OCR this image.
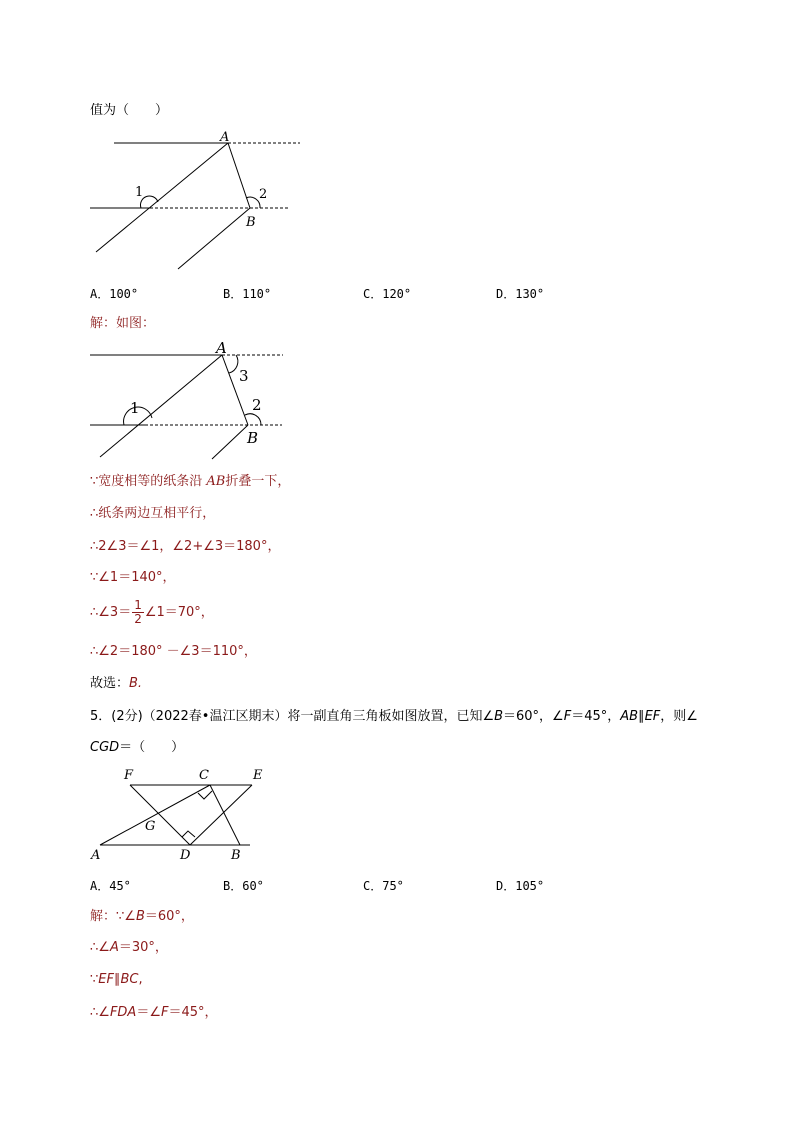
值为（　　）
A
B
1	2
A．100°	B．110°	C．120°	D．130°
解：如图：
A
B
1	2
3
∵宽度相等的纸条沿 AB折叠一下，
∴纸条两边互相平行，
∴2∠3＝∠1，∠2+∠3＝180°，
∵∠1＝140°，
∴∠3＝ $\frac{1}{2}$ ∠1＝70°，
∴∠2＝180° －∠3＝110°，
故选：B.
5．(2分)（2022春•温江区期末）将一副直角三角板如图放置，已知∠B＝60°，∠F＝45°，AB∥EF，则∠
CGD＝（　　）
F	C	E
G
A	D	B
A．45°	B．60°	C．75°	D．105°
解：∵∠B＝60°，
∴∠A＝30°，
∵EF∥BC,
∴∠FDA＝∠F＝45°，
